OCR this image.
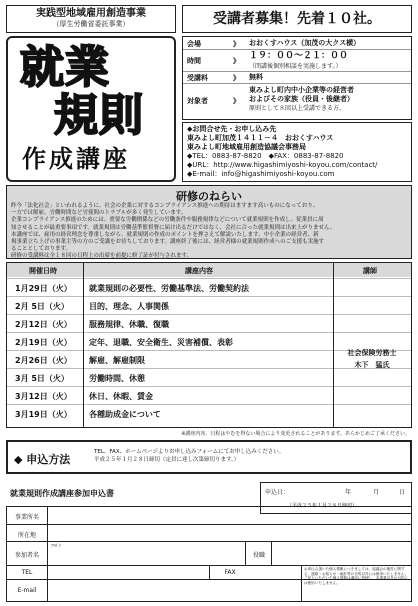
実践型地域雇用創造事業
（厚生労働省委託事業）
就業
規則
作成講座
受講者募集！先着１０社。
会場	》 おおくすハウス（加茂の大クス横）
時間	》 １９：００～２１：００
（閉講後個別相談を実施します。）
受講料	》 無料
対象者	》
東みよし町内中小企業等の経営者
およびその家族（役員・後継者）
原則として８回以上受講できる方。
◆お問合せ先・お申し込み先
東みよし町加茂１４１１－４　おおくすハウス
東みよし町地域雇用創造協議会事務局
◆TEL：0883-87-8820　◆FAX：0883-87-8820
◆URL：http://www.higashimiyoshi-koyou.com/contact/
◆E-mail：info@higashimiyoshi-koyou.com
研修のねらい
昨今「法化社会」といわれるように、社会の企業に対するコンプライアンス推進への期待はますます高いものになっており、
一方では解雇、労働時間など労使間のトラブルが多く発生しています。
企業コンプライアンス推進のためには、重要な労働関係などの労働条件や服務規律などについて就業規則を作成し、従業員に周
知させることが最重要事項です。就業規則は労働基準監督署に届け出るだけではなく、会社に合った就業規則は出来上がりません。
本講座では、雇用の経営理念を尊重しながら、就業規則の作成のポイントを押さえて解説いたします。中小企業の経営者、新
規事業立ち上げの事業主等の方のご受講をお待ちしております。講座終了後には、経営者様の就業規則作成へのご支援も実施す
ることとしております。
研修の受講料は全１８回の日程上の出席を前提に修了証が付与されます。
開催日時	講座内容	講師
1月29日（火）	就業規則の必要性、労働基準法、労働契約法
2月 5日（火）	目的、理念、人事関係
2月12日（火）	服務規律、休職、復職
2月19日（火）	定年、退職、安全衛生、災害補償、表彰
2月26日（火）	解雇、解雇制限
3月 5日（火）	労働時間、休憩
3月12日（火）	休日、休暇、賃金
3月19日（火）	各種助成金について
社会保険労務士
木下　猛氏
※講座内容、日程はやむを得ない場合により変更されることがあります。あらかじめご了承ください。
◆ 申込方法
TEL、FAX、ホームページよりお申し込みフォームにてお申し込みください。
平成２５年１月２８日締切（定員に達し次第締切ります。）
就業規則作成講座参加申込書	申込日：	年	月	日
（平成２５年１月２８日締切）
事業所名
所在地
参加者名
ﾌﾘｶﾞﾅ
役職
TEL	FAX
E-mail
お申込み頂いた個人情報につきましては、協議会の運営に関する、連絡・お知らせ・統計等の目的以外には使用いたしません。ご記入いただいた個人情報は適切に管理し、本事業以外の目的には使用いたしません。
